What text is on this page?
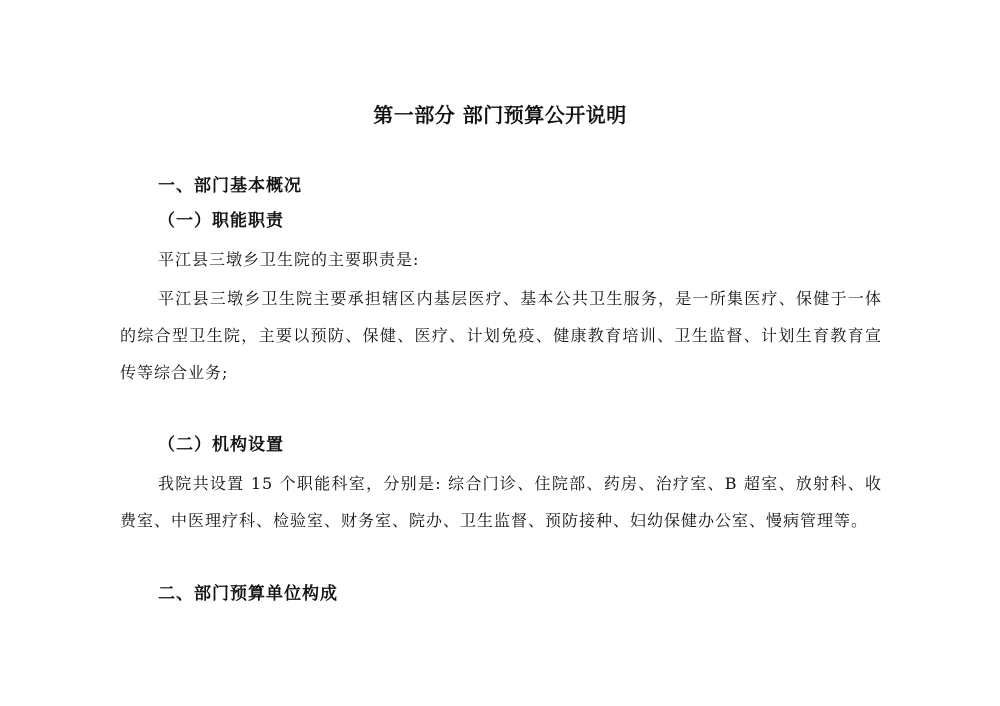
第一部分 部门预算公开说明
一、部门基本概况
（一）职能职责
平江县三墩乡卫生院的主要职责是:
平江县三墩乡卫生院主要承担辖区内基层医疗、基本公共卫生服务，是一所集医疗、保健于一体的综合型卫生院，主要以预防、保健、医疗、计划免疫、健康教育培训、卫生监督、计划生育教育宣传等综合业务;
（二）机构设置
我院共设置 15 个职能科室，分别是: 综合门诊、住院部、药房、治疗室、B 超室、放射科、收费室、中医理疗科、检验室、财务室、院办、卫生监督、预防接种、妇幼保健办公室、慢病管理等。
二、部门预算单位构成
